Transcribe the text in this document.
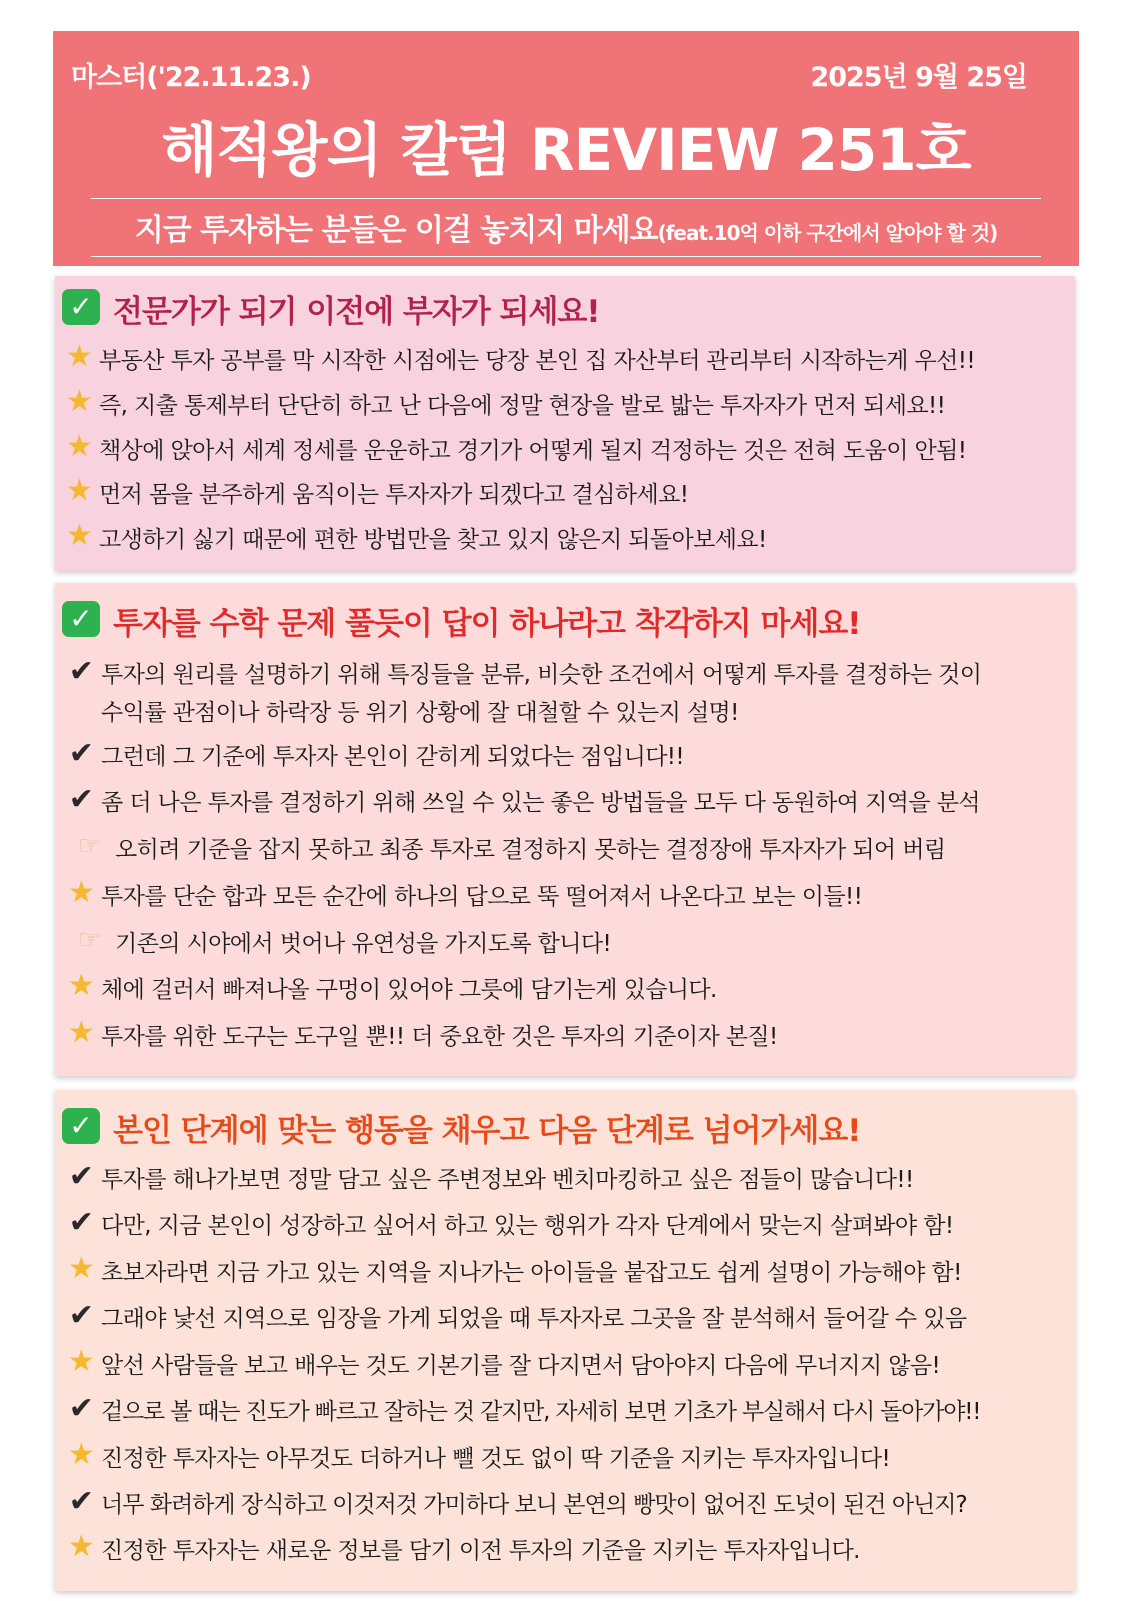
마스터('22.11.23.)	2025년 9월 25일
해적왕의 칼럼 REVIEW 251호
지금 투자하는 분들은 이걸 놓치지 마세요(feat.10억 이하 구간에서 알아야 할 것)
✓ 전문가가 되기 이전에 부자가 되세요!
★ 부동산 투자 공부를 막 시작한 시점에는 당장 본인 집 자산부터 관리부터 시작하는게 우선!!
★ 즉, 지출 통제부터 단단히 하고 난 다음에 정말 현장을 발로 밟는 투자자가 먼저 되세요!!
★ 책상에 앉아서 세계 정세를 운운하고 경기가 어떻게 될지 걱정하는 것은 전혀 도움이 안됨!
★ 먼저 몸을 분주하게 움직이는 투자자가 되겠다고 결심하세요!
★ 고생하기 싫기 때문에 편한 방법만을 찾고 있지 않은지 되돌아보세요!
✓ 투자를 수학 문제 풀듯이 답이 하나라고 착각하지 마세요!
✔ 투자의 원리를 설명하기 위해 특징들을 분류, 비슷한 조건에서 어떻게 투자를 결정하는 것이
수익률 관점이나 하락장 등 위기 상황에 잘 대철할 수 있는지 설명!
✔ 그런데 그 기준에 투자자 본인이 갇히게 되었다는 점입니다!!
✔ 좀 더 나은 투자를 결정하기 위해 쓰일 수 있는 좋은 방법들을 모두 다 동원하여 지역을 분석
☞ 오히려 기준을 잡지 못하고 최종 투자로 결정하지 못하는 결정장애 투자자가 되어 버림
★ 투자를 단순 합과 모든 순간에 하나의 답으로 뚝 떨어져서 나온다고 보는 이들!!
☞ 기존의 시야에서 벗어나 유연성을 가지도록 합니다!
★ 체에 걸러서 빠져나올 구멍이 있어야 그릇에 담기는게 있습니다.
★ 투자를 위한 도구는 도구일 뿐!! 더 중요한 것은 투자의 기준이자 본질!
✓ 본인 단계에 맞는 행동을 채우고 다음 단계로 넘어가세요!
✔ 투자를 해나가보면 정말 담고 싶은 주변정보와 벤치마킹하고 싶은 점들이 많습니다!!
✔ 다만, 지금 본인이 성장하고 싶어서 하고 있는 행위가 각자 단계에서 맞는지 살펴봐야 함!
★ 초보자라면 지금 가고 있는 지역을 지나가는 아이들을 붙잡고도 쉽게 설명이 가능해야 함!
✔ 그래야 낯선 지역으로 임장을 가게 되었을 때 투자자로 그곳을 잘 분석해서 들어갈 수 있음
★ 앞선 사람들을 보고 배우는 것도 기본기를 잘 다지면서 담아야지 다음에 무너지지 않음!
✔ 겉으로 볼 때는 진도가 빠르고 잘하는 것 같지만, 자세히 보면 기초가 부실해서 다시 돌아가야!!
★ 진정한 투자자는 아무것도 더하거나 뺄 것도 없이 딱 기준을 지키는 투자자입니다!
✔ 너무 화려하게 장식하고 이것저것 가미하다 보니 본연의 빵맛이 없어진 도넛이 된건 아닌지?
★ 진정한 투자자는 새로운 정보를 담기 이전 투자의 기준을 지키는 투자자입니다.
